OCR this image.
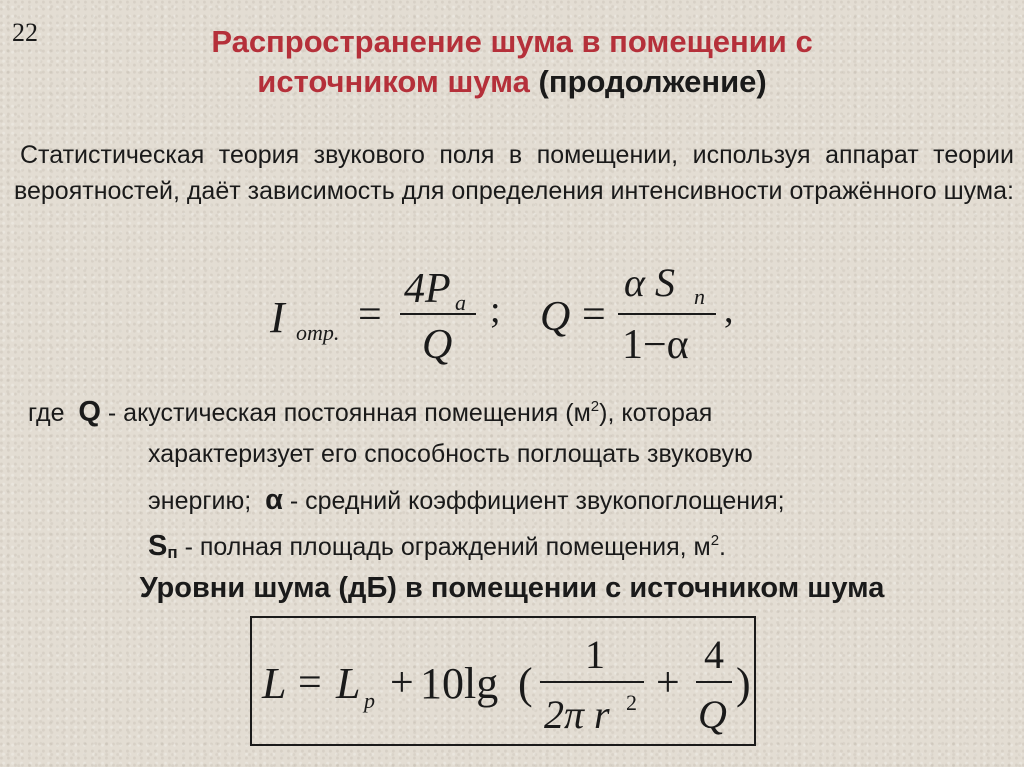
22	Распространение шума в помещении с
источником шума (продолжение)
Статистическая теория звукового поля в помещении, используя аппарат теории вероятностей, даёт зависимость для определения интенсивности отражённого шума:
I отр. =
4P a
Q
; Q =
α S n
1−α
,
где Q - акустическая постоянная помещения $(м^2)$, которая
характеризует его способность поглощать звуковую
энергию; α - средний коэффициент звукопоглощения;
$S_п$ - полная площадь ограждений помещения, $м^2$.
Уровни шума (дБ) в помещении с источником шума
L = L p + 10lg (
1
2π r 2 +
4
Q
)
